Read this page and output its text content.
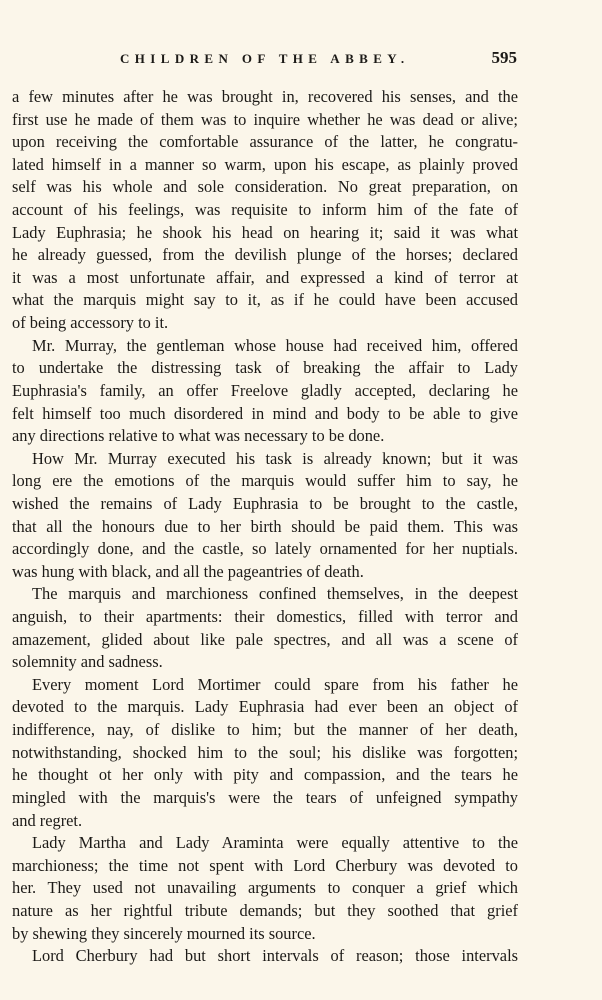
CHILDREN OF THE ABBEY.	595
a few minutes after he was brought in, recovered his senses, and the
first use he made of them was to inquire whether he was dead or alive;
upon receiving the comfortable assurance of the latter, he congratu-
lated himself in a manner so warm, upon his escape, as plainly proved
self was his whole and sole consideration. No great preparation, on
account of his feelings, was requisite to inform him of the fate of
Lady Euphrasia; he shook his head on hearing it; said it was what
he already guessed, from the devilish plunge of the horses; declared
it was a most unfortunate affair, and expressed a kind of terror at
what the marquis might say to it, as if he could have been accused
of being accessory to it.
Mr. Murray, the gentleman whose house had received him, offered
to undertake the distressing task of breaking the affair to Lady
Euphrasia's family, an offer Freelove gladly accepted, declaring he
felt himself too much disordered in mind and body to be able to give
any directions relative to what was necessary to be done.
How Mr. Murray executed his task is already known; but it was
long ere the emotions of the marquis would suffer him to say, he
wished the remains of Lady Euphrasia to be brought to the castle,
that all the honours due to her birth should be paid them. This was
accordingly done, and the castle, so lately ornamented for her nuptials.
was hung with black, and all the pageantries of death.
The marquis and marchioness confined themselves, in the deepest
anguish, to their apartments: their domestics, filled with terror and
amazement, glided about like pale spectres, and all was a scene of
solemnity and sadness.
Every moment Lord Mortimer could spare from his father he
devoted to the marquis. Lady Euphrasia had ever been an object of
indifference, nay, of dislike to him; but the manner of her death,
notwithstanding, shocked him to the soul; his dislike was forgotten;
he thought ot her only with pity and compassion, and the tears he
mingled with the marquis's were the tears of unfeigned sympathy
and regret.
Lady Martha and Lady Araminta were equally attentive to the
marchioness; the time not spent with Lord Cherbury was devoted to
her. They used not unavailing arguments to conquer a grief which
nature as her rightful tribute demands; but they soothed that grief
by shewing they sincerely mourned its source.
Lord Cherbury had but short intervals of reason; those intervals
